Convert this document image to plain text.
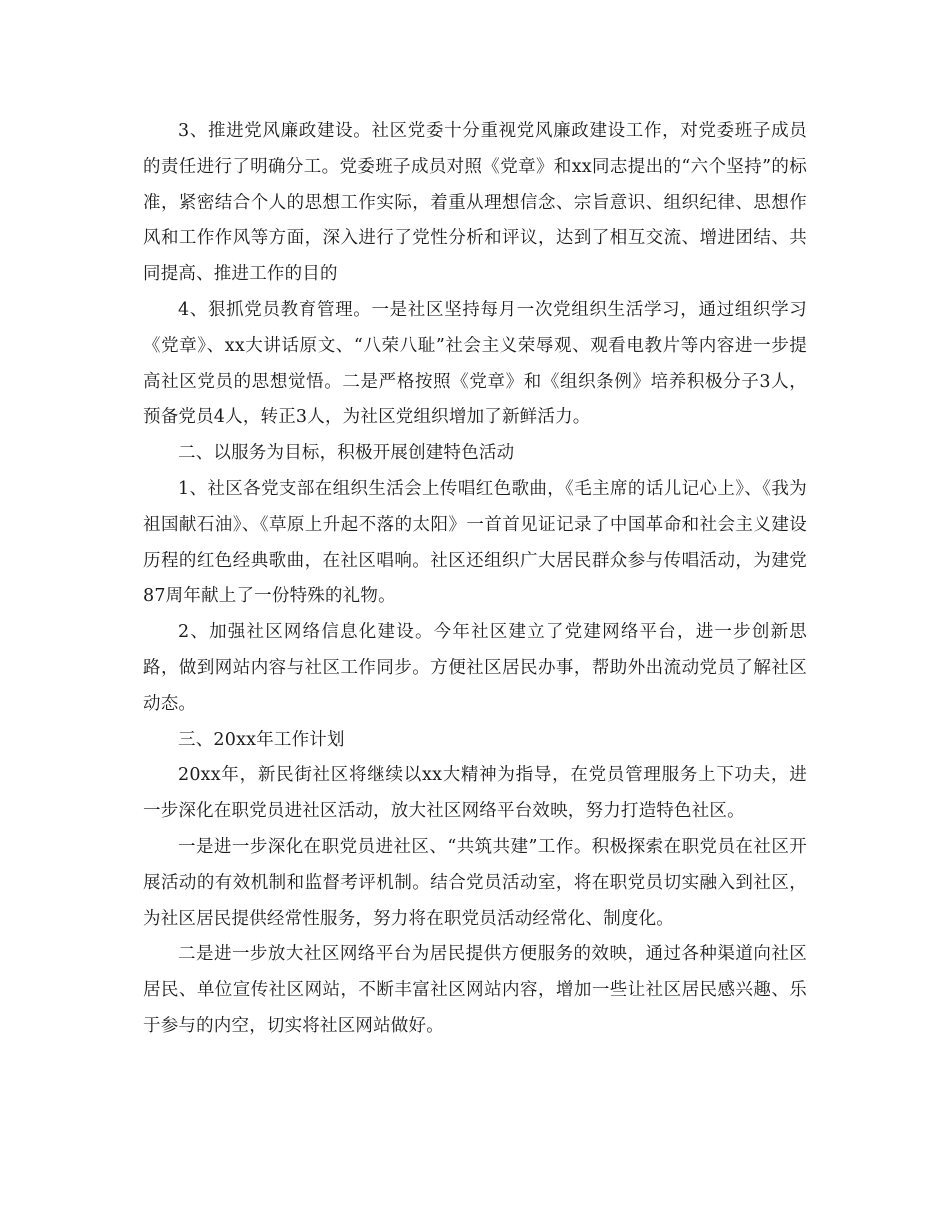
3、推进党风廉政建设。社区党委十分重视党风廉政建设工作，对党委班子成员的责任进行了明确分工。党委班子成员对照《党章》和xx同志提出的“六个坚持”的标准，紧密结合个人的思想工作实际，着重从理想信念、宗旨意识、组织纪律、思想作风和工作作风等方面，深入进行了党性分析和评议，达到了相互交流、增进团结、共同提高、推进工作的目的

4、狠抓党员教育管理。一是社区坚持每月一次党组织生活学习，通过组织学习《党章》、xx大讲话原文、“八荣八耻”社会主义荣辱观、观看电教片等内容进一步提高社区党员的思想觉悟。二是严格按照《党章》和《组织条例》培养积极分子3人，预备党员4人，转正3人，为社区党组织增加了新鲜活力。

二、以服务为目标，积极开展创建特色活动

1、社区各党支部在组织生活会上传唱红色歌曲，《毛主席的话儿记心上》、《我为祖国献石油》、《草原上升起不落的太阳》一首首见证记录了中国革命和社会主义建设历程的红色经典歌曲，在社区唱响。社区还组织广大居民群众参与传唱活动，为建党87周年献上了一份特殊的礼物。

2、加强社区网络信息化建设。今年社区建立了党建网络平台，进一步创新思路，做到网站内容与社区工作同步。方便社区居民办事，帮助外出流动党员了解社区动态。

三、20xx年工作计划

20xx年，新民街社区将继续以xx大精神为指导，在党员管理服务上下功夫，进一步深化在职党员进社区活动，放大社区网络平台效映，努力打造特色社区。

一是进一步深化在职党员进社区、“共筑共建”工作。积极探索在职党员在社区开展活动的有效机制和监督考评机制。结合党员活动室，将在职党员切实融入到社区，为社区居民提供经常性服务，努力将在职党员活动经常化、制度化。

二是进一步放大社区网络平台为居民提供方便服务的效映，通过各种渠道向社区居民、单位宣传社区网站，不断丰富社区网站内容，增加一些让社区居民感兴趣、乐于参与的内空，切实将社区网站做好。
